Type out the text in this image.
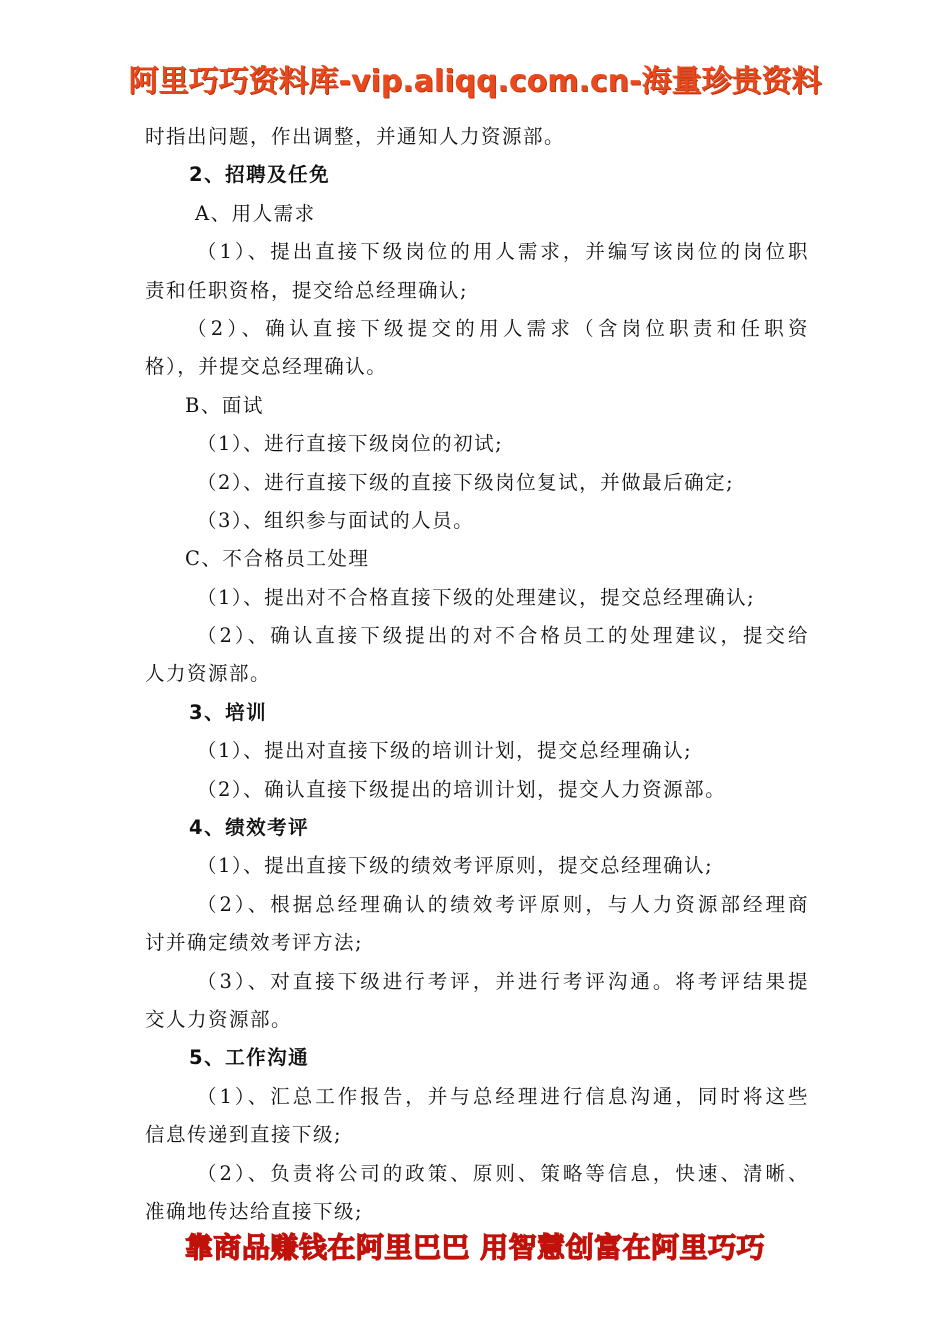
阿里巧巧资料库-vip.aliqq.com.cn-海量珍贵资料
时指出问题，作出调整，并通知人力资源部。
2、招聘及任免
A、用人需求
（1）、提出直接下级岗位的用人需求，并编写该岗位的岗位职
责和任职资格，提交给总经理确认;
（2）、确认直接下级提交的用人需求（含岗位职责和任职资
格），并提交总经理确认。
B、面试
（1）、进行直接下级岗位的初试;
（2）、进行直接下级的直接下级岗位复试，并做最后确定;
（3）、组织参与面试的人员。
C、不合格员工处理
（1）、提出对不合格直接下级的处理建议，提交总经理确认;
（2）、确认直接下级提出的对不合格员工的处理建议，提交给
人力资源部。
3、培训
（1）、提出对直接下级的培训计划，提交总经理确认;
（2）、确认直接下级提出的培训计划，提交人力资源部。
4、绩效考评
（1）、提出直接下级的绩效考评原则，提交总经理确认;
（2）、根据总经理确认的绩效考评原则，与人力资源部经理商
讨并确定绩效考评方法;
（3）、对直接下级进行考评，并进行考评沟通。将考评结果提
交人力资源部。
5、工作沟通
（1）、汇总工作报告，并与总经理进行信息沟通，同时将这些
信息传递到直接下级;
（2）、负责将公司的政策、原则、策略等信息，快速、清晰、
准确地传达给直接下级;
靠商品赚钱在阿里巴巴 用智慧创富在阿里巧巧
